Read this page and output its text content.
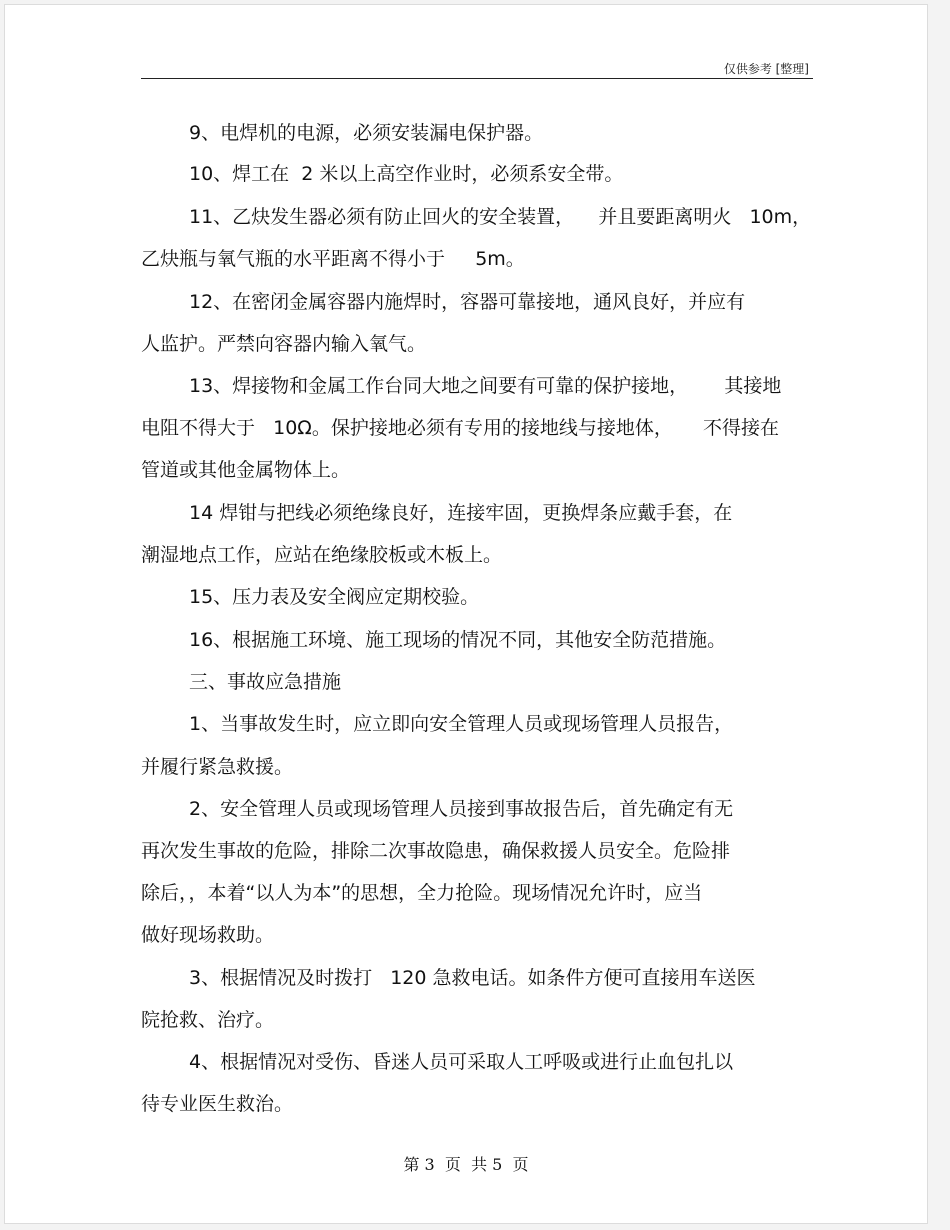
仅供参考 [整理]
9、电焊机的电源，必须安装漏电保护器。
10、焊工在  2 米以上高空作业时，必须系安全带。
11、乙炔发生器必须有防止回火的安全装置，    并且要距离明火   10m，
乙炔瓶与氧气瓶的水平距离不得小于     5m。
12、在密闭金属容器内施焊时，容器可靠接地，通风良好，并应有
人监护。严禁向容器内输入氧气。
13、焊接物和金属工作台同大地之间要有可靠的保护接地，      其接地
电阻不得大于   10Ω。保护接地必须有专用的接地线与接地体，     不得接在
管道或其他金属物体上。
14 焊钳与把线必须绝缘良好，连接牢固，更换焊条应戴手套，在
潮湿地点工作，应站在绝缘胶板或木板上。
15、压力表及安全阀应定期校验。
16、根据施工环境、施工现场的情况不同，其他安全防范措施。
三、事故应急措施
1、当事故发生时，应立即向安全管理人员或现场管理人员报告，
并履行紧急救援。
2、安全管理人员或现场管理人员接到事故报告后，首先确定有无
再次发生事故的危险，排除二次事故隐患，确保救援人员安全。危险排
除后，，本着“以人为本”的思想，全力抢险。现场情况允许时，应当
做好现场救助。
3、根据情况及时拨打   120 急救电话。如条件方便可直接用车送医
院抢救、治疗。
4、根据情况对受伤、昏迷人员可采取人工呼吸或进行止血包扎以
待专业医生救治。
第 3  页  共 5  页
